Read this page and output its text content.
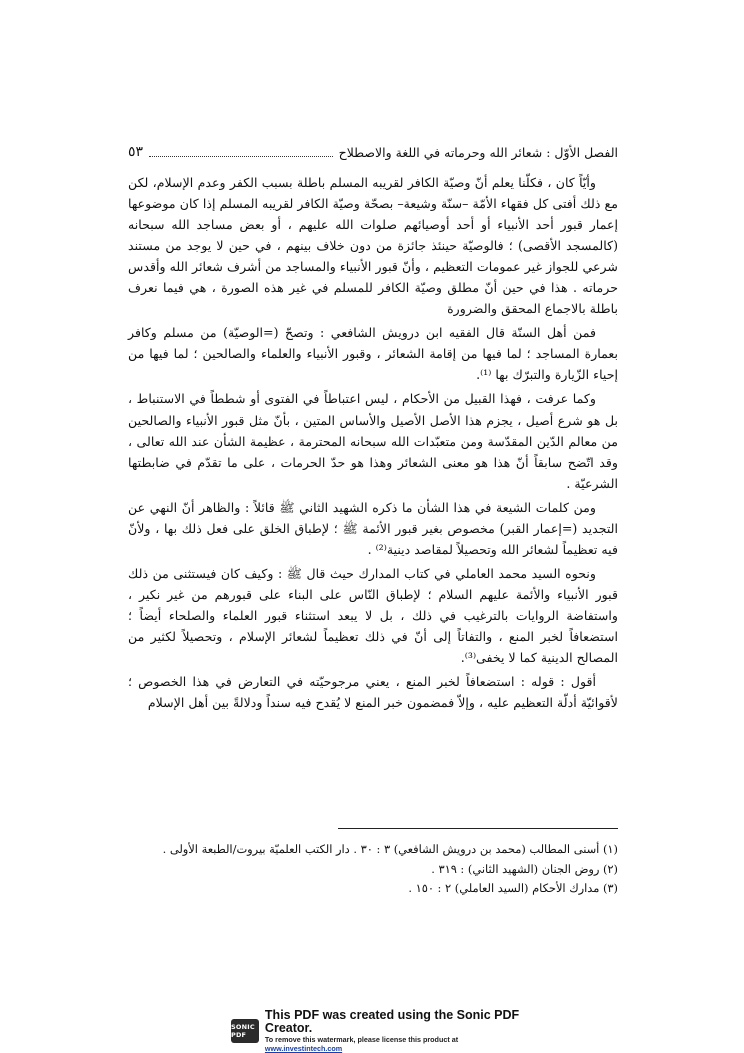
الفصل الأوّل : شعائر الله وحرماته في اللغة والاصطلاح
٥٣

وأيّاً كان ، فكلّنا يعلم أنّ وصيّة الكافر لقريبه المسلم باطلة بسبب الكفر وعدم الإسلام، لكن مع ذلك أفتى كل فقهاء الأمّة –سنّة وشيعة– بصحّة وصيّة الكافر لقريبه المسلم إذا كان موضوعها إعمار قبور أحد الأنبياء أو أحد أوصيائهم صلوات الله عليهم ، أو بعض مساجد الله سبحانه (كالمسجد الأقصى) ؛ فالوصيّة حينئذ جائزة من دون خلاف بينهم ، في حين لا يوجد من مستند شرعي للجواز غير عمومات التعظيم ، وأنّ قبور الأنبياء والمساجد من أشرف شعائر الله وأقدس حرماته . هذا في حين أنّ مطلق وصيّة الكافر للمسلم في غير هذه الصورة ، هي فيما نعرف باطلة بالاجماع المحقق والضرورة

فمن أهل السنّة قال الفقيه ابن درويش الشافعي : وتصحّ (=الوصيّة) من مسلم وكافر بعمارة المساجد ؛ لما فيها من إقامة الشعائر ، وقبور الأنبياء والعلماء والصالحين ؛ لما فيها من إحياء الزّيارة والتبرّك بها ⁽¹⁾.

وكما عرفت ، فهذا القبيل من الأحكام ، ليس اعتباطاً في الفتوى أو شططاً في الاستنباط ، بل هو شرع أصيل ، يجزم هذا الأصل الأصيل والأساس المتين ، بأنّ مثل قبور الأنبياء والصالحين من معالم الدّين المقدّسة ومن متعبّدات الله سبحانه المحترمة ، عظيمة الشأن عند الله تعالى ، وقد اتّضح سابقاً أنّ هذا هو معنى الشعائر وهذا هو حدّ الحرمات ، على ما تقدّم في ضابطتها الشرعيّة .

ومن كلمات الشيعة في هذا الشأن ما ذكره الشهيد الثاني ﷺ قائلاً : والظاهر أنّ النهي عن التجديد (=إعمار القبر) مخصوص بغير قبور الأئمة ﷺ ؛ لإطباق الخلق على فعل ذلك بها ، ولأنّ فيه تعظيماً لشعائر الله وتحصيلاً لمقاصد دينية⁽²⁾ .

ونحوه السيد محمد العاملي في كتاب المدارك حيث قال ﷺ : وكيف كان فيستثنى من ذلك قبور الأنبياء والأئمة عليهم السلام ؛ لإطباق النّاس على البناء على قبورهم من غير نكير ، واستفاضة الروايات بالترغيب في ذلك ، بل لا يبعد استثناء قبور العلماء والصلحاء أيضاً ؛ استضعافاً لخبر المنع ، والتفاتاً إلى أنّ في ذلك تعظيماً لشعائر الإسلام ، وتحصيلاً لكثير من المصالح الدينية كما لا يخفى⁽³⁾.

أقول : قوله : استضعافاً لخبر المنع ، يعني مرجوحيّته في التعارض في هذا الخصوص ؛ لأقوائيّة أدلّة التعظيم عليه ، وإلاّ فمضمون خبر المنع لا يُقدح فيه سنداً ودلالةً بين أهل الإسلام

(١) أسنى المطالب (محمد بن درويش الشافعي) ٣ : ٣٠ . دار الكتب العلميّة بيروت/الطبعة الأولى .
(٢) روض الجنان (الشهيد الثاني) : ٣١٩ .
(٣) مدارك الأحكام (السيد العاملي) ٢ : ١٥٠ .
SONIC PDF
This PDF was created using the Sonic PDF Creator.
To remove this watermark, please license this product at www.investintech.com
